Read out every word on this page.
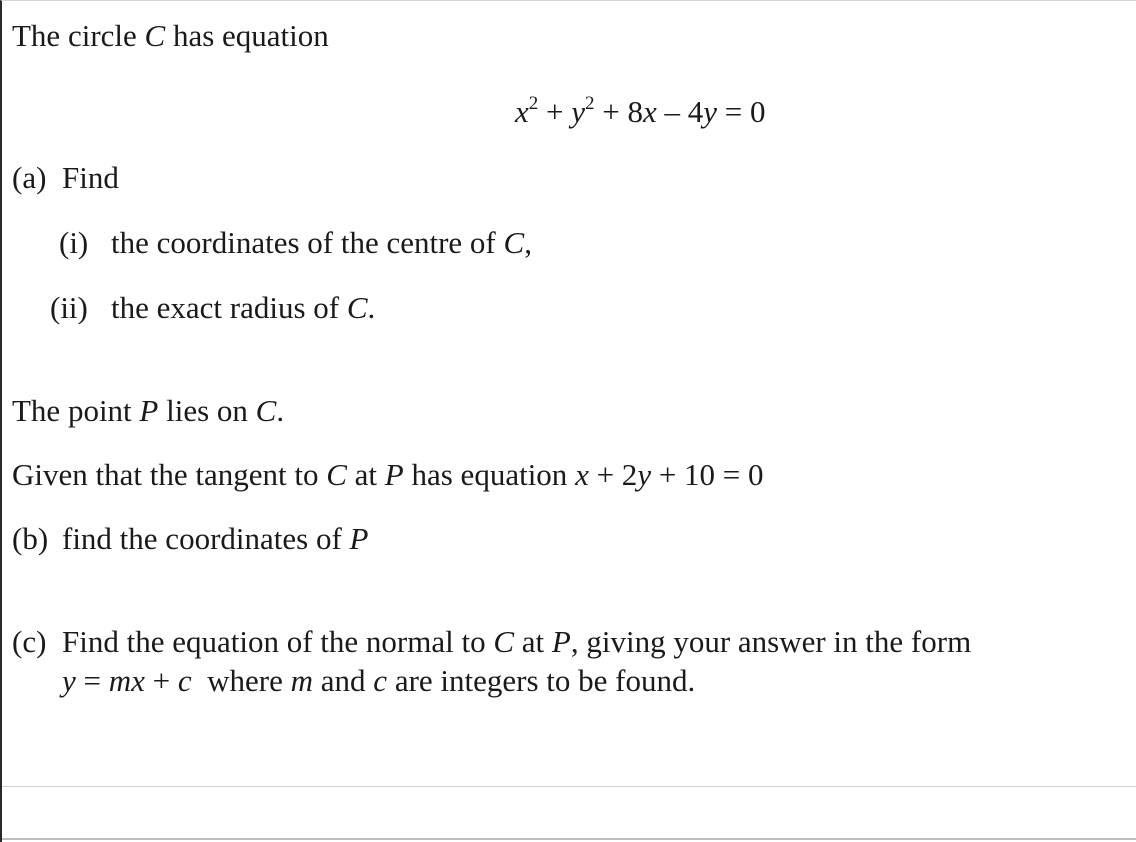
The circle C has equation
$x^2 + y^2 + 8x - 4y = 0$
(a) Find
(i) the coordinates of the centre of C,
(ii) the exact radius of C.
The point P lies on C.
Given that the tangent to C at P has equation x + 2y + 10 = 0
(b) find the coordinates of P
(c) Find the equation of the normal to C at P, giving your answer in the form
y = mx + c  where m and c are integers to be found.
